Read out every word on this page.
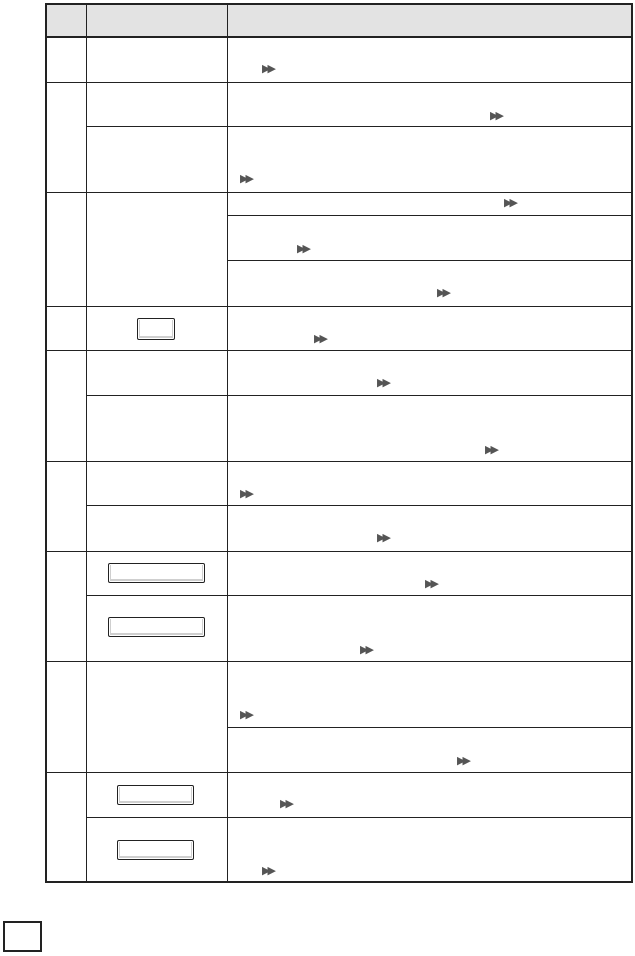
▶▶
▶▶
▶▶
▶▶
▶▶
▶▶
▶▶
▶▶
▶▶
▶▶
▶▶
▶▶
▶▶
▶▶
▶▶
▶▶
▶▶
